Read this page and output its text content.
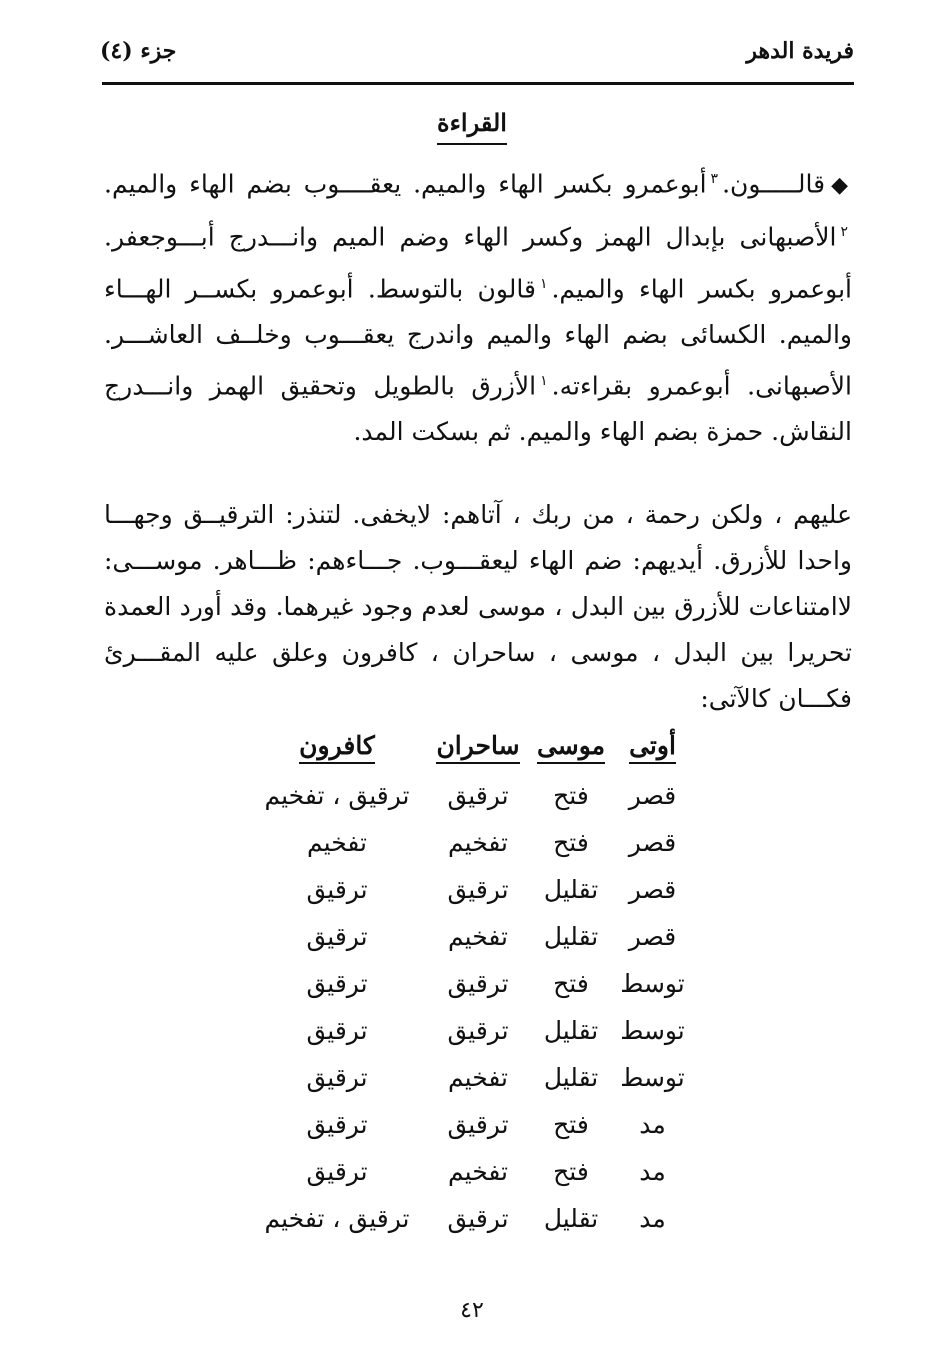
فريدة الدهر
جزء (٤)
القراءة
◆قالـــــون.$^٣$أبوعمرو بكسر الهاء والميم. يعقــــوب بضم الهاء والميم. $^٢$الأصبهانى بإبدال الهمز وكسر الهاء وضم الميم وانـــدرج أبـــوجعفر. أبوعمرو بكسر الهاء والميم.$^١$قالون بالتوسط. أبوعمرو بكســر الهـــاء والميم. الكسائى بضم الهاء والميم واندرج يعقـــوب وخلــف العاشـــر. الأصبهانى. أبوعمرو بقراءته.$^١$الأزرق بالطويل وتحقيق الهمز وانـــدرج النقاش. حمزة بضم الهاء والميم. ثم بسكت المد.
عليهم ، ولكن رحمة ، من ربك ، آتاهم: لايخفى. لتنذر: الترقيــق وجهـــا واحدا للأزرق. أيديهم: ضم الهاء ليعقـــوب. جـــاءهم: ظـــاهر. موســـى: لاامتناعات للأزرق بين البدل ، موسى لعدم وجود غيرهما. وقد أورد العمدة تحريرا بين البدل ، موسى ، ساحران ، كافرون وعلق عليه المقـــرئ فكـــان كالآتى:
أوتى
موسى
ساحران
كافرون
قصر
فتح
ترقيق
ترقيق ، تفخيم
قصر
فتح
تفخيم
تفخيم
قصر
تقليل
ترقيق
ترقيق
قصر
تقليل
تفخيم
ترقيق
توسط
فتح
ترقيق
ترقيق
توسط
تقليل
ترقيق
ترقيق
توسط
تقليل
تفخيم
ترقيق
مد
فتح
ترقيق
ترقيق
مد
فتح
تفخيم
ترقيق
مد
تقليل
ترقيق
ترقيق ، تفخيم
٤٢
